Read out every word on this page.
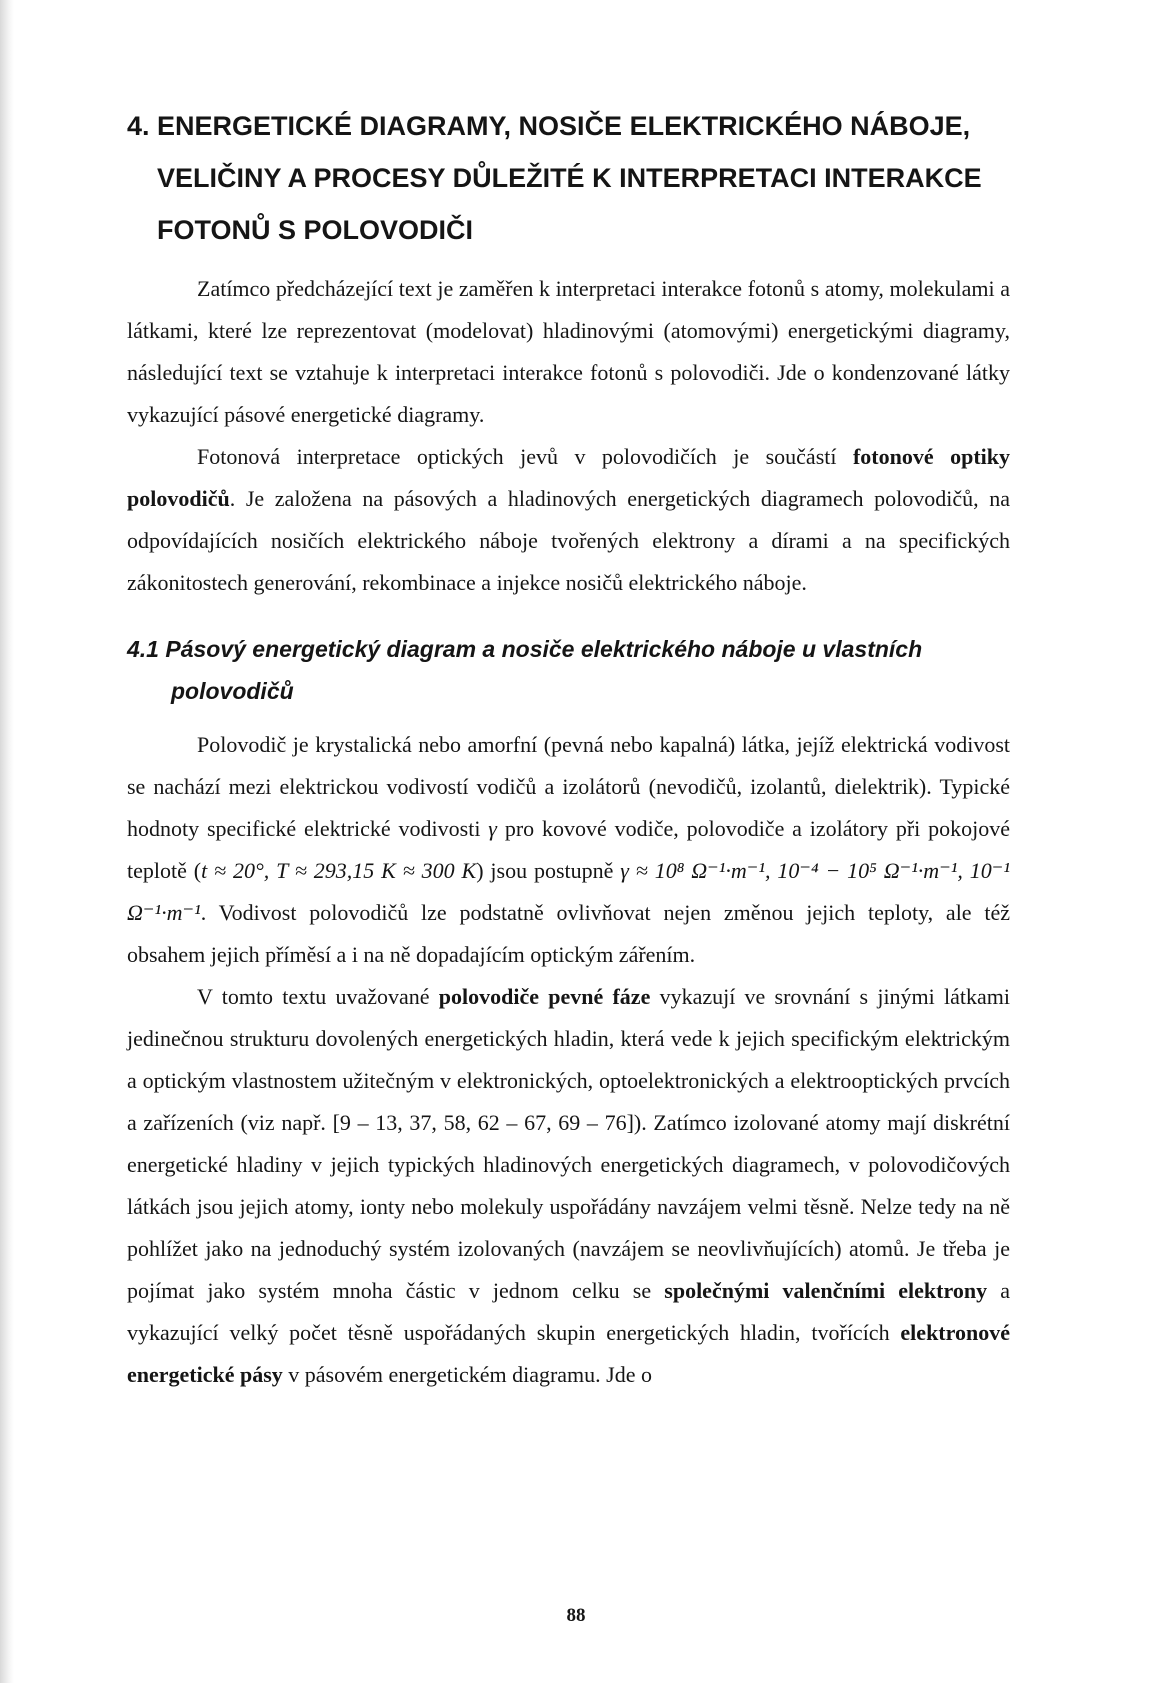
4. ENERGETICKÉ DIAGRAMY, NOSIČE ELEKTRICKÉHO NÁBOJE, VELIČINY A PROCESY DŮLEŽITÉ K INTERPRETACI INTERAKCE FOTONŮ S POLOVODIČI

Zatímco předcházející text je zaměřen k interpretaci interakce fotonů s atomy, molekulami a látkami, které lze reprezentovat (modelovat) hladinovými (atomovými) energetickými diagramy, následující text se vztahuje k interpretaci interakce fotonů s polovodiči. Jde o kondenzované látky vykazující pásové energetické diagramy.

Fotonová interpretace optických jevů v polovodičích je součástí fotonové optiky polovodičů. Je založena na pásových a hladinových energetických diagramech polovodičů, na odpovídajících nosičích elektrického náboje tvořených elektrony a dírami a na specifických zákonitostech generování, rekombinace a injekce nosičů elektrického náboje.

4.1 Pásový energetický diagram a nosiče elektrického náboje u vlastních polovodičů

Polovodič je krystalická nebo amorfní (pevná nebo kapalná) látka, jejíž elektrická vodivost se nachází mezi elektrickou vodivostí vodičů a izolátorů (nevodičů, izolantů, dielektrik). Typické hodnoty specifické elektrické vodivosti γ pro kovové vodiče, polovodiče a izolátory při pokojové teplotě (t ≈ 20°, T ≈ 293,15 K ≈ 300 K) jsou postupně γ ≈ 10⁸ Ω⁻¹·m⁻¹, 10⁻⁴ − 10⁵ Ω⁻¹·m⁻¹, 10⁻¹ Ω⁻¹·m⁻¹. Vodivost polovodičů lze podstatně ovlivňovat nejen změnou jejich teploty, ale též obsahem jejich příměsí a i na ně dopadajícím optickým zářením.

V tomto textu uvažované polovodiče pevné fáze vykazují ve srovnání s jinými látkami jedinečnou strukturu dovolených energetických hladin, která vede k jejich specifickým elektrickým a optickým vlastnostem užitečným v elektronických, optoelektronických a elektrooptických prvcích a zařízeních (viz např. [9 – 13, 37, 58, 62 – 67, 69 – 76]). Zatímco izolované atomy mají diskrétní energetické hladiny v jejich typických hladinových energetických diagramech, v polovodičových látkách jsou jejich atomy, ionty nebo molekuly uspořádány navzájem velmi těsně. Nelze tedy na ně pohlížet jako na jednoduchý systém izolovaných (navzájem se neovlivňujících) atomů. Je třeba je pojímat jako systém mnoha částic v jednom celku se společnými valenčními elektrony a vykazující velký počet těsně uspořádaných skupin energetických hladin, tvořících elektronové energetické pásy v pásovém energetickém diagramu. Jde o

88
